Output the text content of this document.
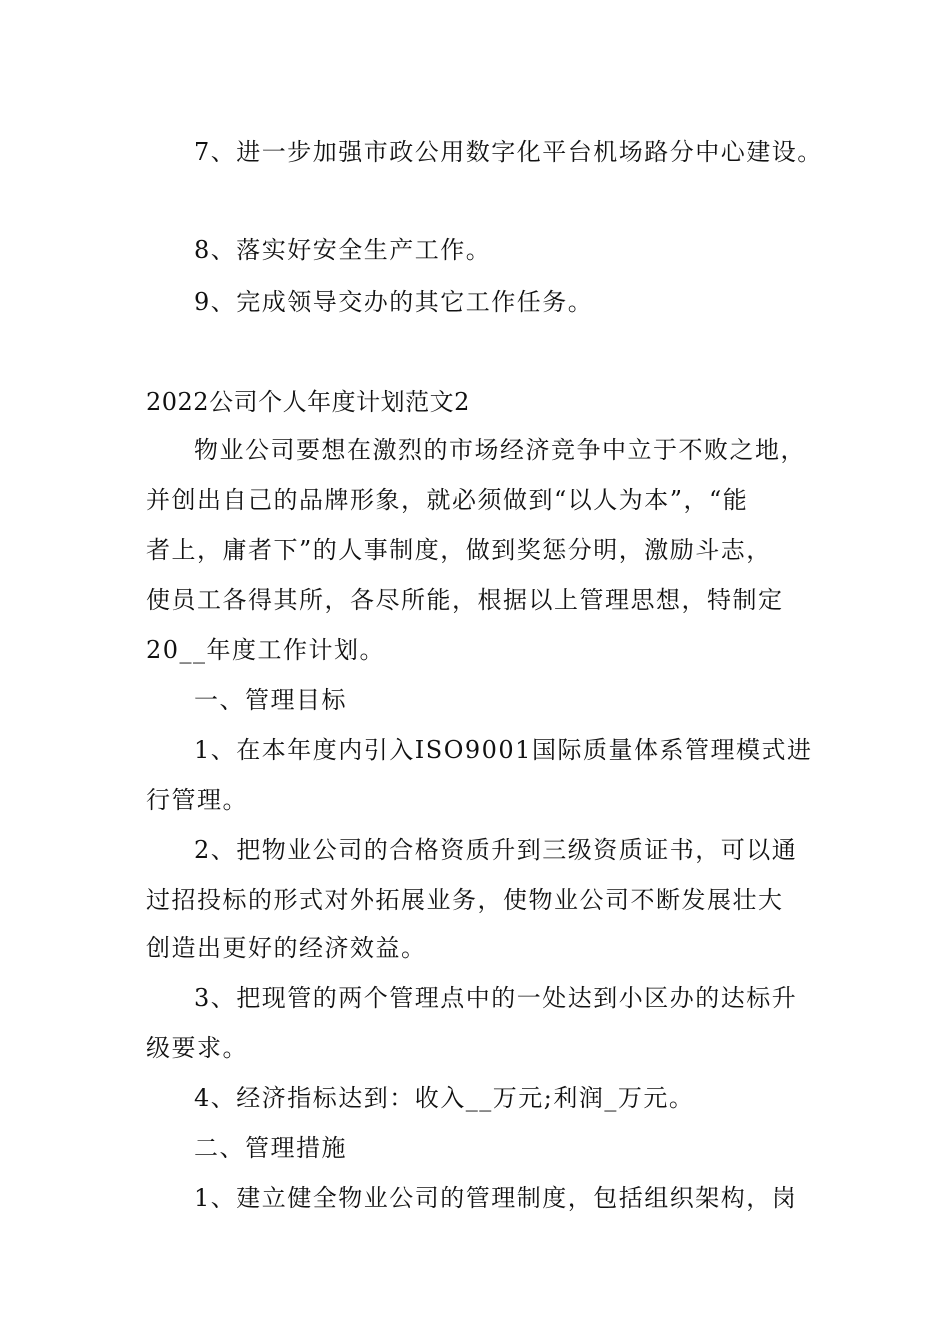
7、进一步加强市政公用数字化平台机场路分中心建设。
8、落实好安全生产工作。
9、完成领导交办的其它工作任务。
2022公司个人年度计划范文2
物业公司要想在激烈的市场经济竞争中立于不败之地，
并创出自己的品牌形象，就必须做到“以人为本”，“能
者上，庸者下”的人事制度，做到奖惩分明，激励斗志，
使员工各得其所，各尽所能，根据以上管理思想，特制定
20__年度工作计划。
一、管理目标
1、在本年度内引入ISO9001国际质量体系管理模式进
行管理。
2、把物业公司的合格资质升到三级资质证书，可以通
过招投标的形式对外拓展业务，使物业公司不断发展壮大
创造出更好的经济效益。
3、把现管的两个管理点中的一处达到小区办的达标升
级要求。
4、经济指标达到：收入__万元;利润_万元。
二、管理措施
1、建立健全物业公司的管理制度，包括组织架构，岗
